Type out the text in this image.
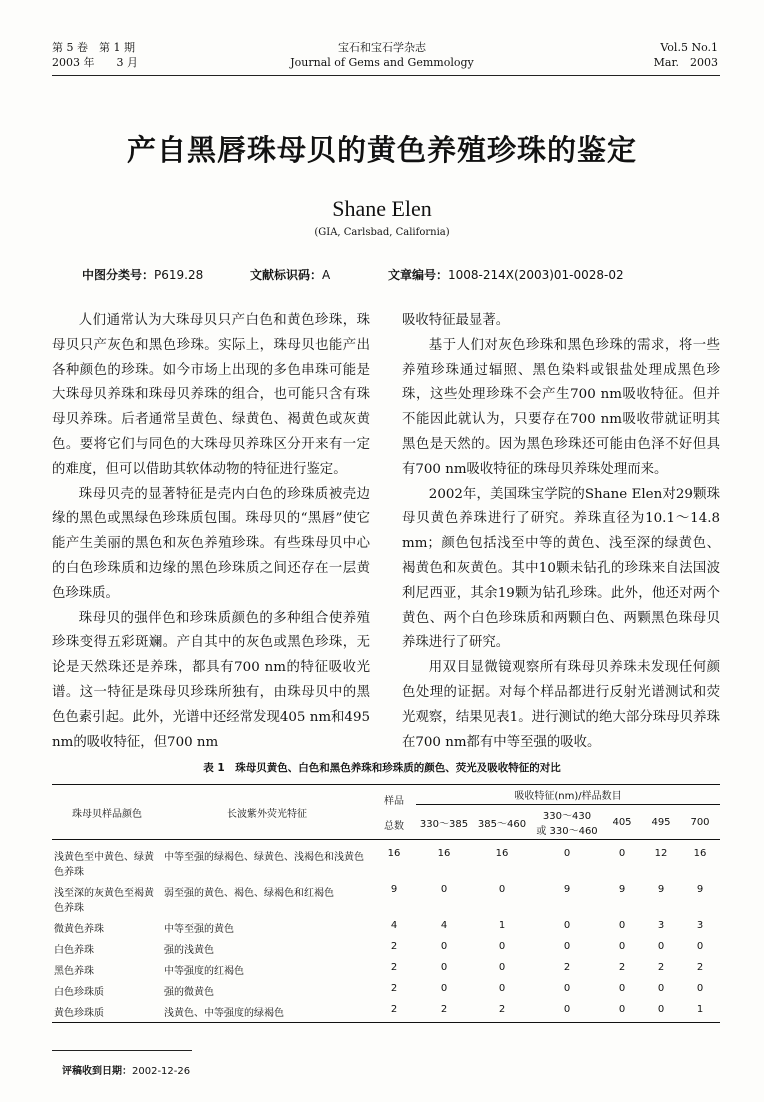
第 5 卷　第 1 期
2003 年　　3 月
宝石和宝石学杂志
Journal of Gems and Gemmology
Vol.5 No.1
Mar.　2003
产自黑唇珠母贝的黄色养殖珍珠的鉴定
Shane Elen
(GIA, Carlsbad, California)
中图分类号：P619.28	文献标识码：A	文章编号：1008-214X(2003)01-0028-02

人们通常认为大珠母贝只产白色和黄色珍珠，珠母贝只产灰色和黑色珍珠。实际上，珠母贝也能产出各种颜色的珍珠。如今市场上出现的多色串珠可能是大珠母贝养珠和珠母贝养珠的组合，也可能只含有珠母贝养珠。后者通常呈黄色、绿黄色、褐黄色或灰黄色。要将它们与同色的大珠母贝养珠区分开来有一定的难度，但可以借助其软体动物的特征进行鉴定。

珠母贝壳的显著特征是壳内白色的珍珠质被壳边缘的黑色或黑绿色珍珠质包围。珠母贝的“黑唇”使它能产生美丽的黑色和灰色养殖珍珠。有些珠母贝中心的白色珍珠质和边缘的黑色珍珠质之间还存在一层黄色珍珠质。

珠母贝的强伴色和珍珠质颜色的多种组合使养殖珍珠变得五彩斑斓。产自其中的灰色或黑色珍珠，无论是天然珠还是养珠，都具有700 nm的特征吸收光谱。这一特征是珠母贝珍珠所独有，由珠母贝中的黑色色素引起。此外，光谱中还经常发现405 nm和495 nm的吸收特征，但700 nm

吸收特征最显著。

基于人们对灰色珍珠和黑色珍珠的需求，将一些养殖珍珠通过辐照、黑色染料或银盐处理成黑色珍珠，这些处理珍珠不会产生700 nm吸收特征。但并不能因此就认为，只要存在700 nm吸收带就证明其黑色是天然的。因为黑色珍珠还可能由色泽不好但具有700 nm吸收特征的珠母贝养珠处理而来。

2002年，美国珠宝学院的Shane Elen对29颗珠母贝黄色养珠进行了研究。养珠直径为10.1～14.8 mm；颜色包括浅至中等的黄色、浅至深的绿黄色、褐黄色和灰黄色。其中10颗未钻孔的珍珠来自法国波利尼西亚，其余19颗为钻孔珍珠。此外，他还对两个黄色、两个白色珍珠质和两颗白色、两颗黑色珠母贝养珠进行了研究。

用双目显微镜观察所有珠母贝养珠未发现任何颜色处理的证据。对每个样品都进行反射光谱测试和荧光观察，结果见表1。进行测试的绝大部分珠母贝养珠在700 nm都有中等至强的吸收。

表 1　珠母贝黄色、白色和黑色养珠和珍珠质的颜色、荧光及吸收特征的对比
珠母贝样品颜色	长波紫外荧光特征	样品
总数	吸收特征(nm)/样品数目					
			330～385	385～460	330～430
或 330～460	405	495	700
浅黄色至中黄色、绿黄色养珠	中等至强的绿褐色、绿黄色、浅褐色和浅黄色	16	16	16	0	0	12	16
浅至深的灰黄色至褐黄色养珠	弱至强的黄色、褐色、绿褐色和红褐色	9	0	0	9	9	9	9
微黄色养珠	中等至强的黄色	4	4	1	0	0	3	3
白色养珠	强的浅黄色	2	0	0	0	0	0	0
黑色养珠	中等强度的红褐色	2	0	0	2	2	2	2
白色珍珠质	强的微黄色	2	0	0	0	0	0	0
黄色珍珠质	浅黄色、中等强度的绿褐色	2	2	2	0	0	0	1
评稿收到日期：2002-12-26
